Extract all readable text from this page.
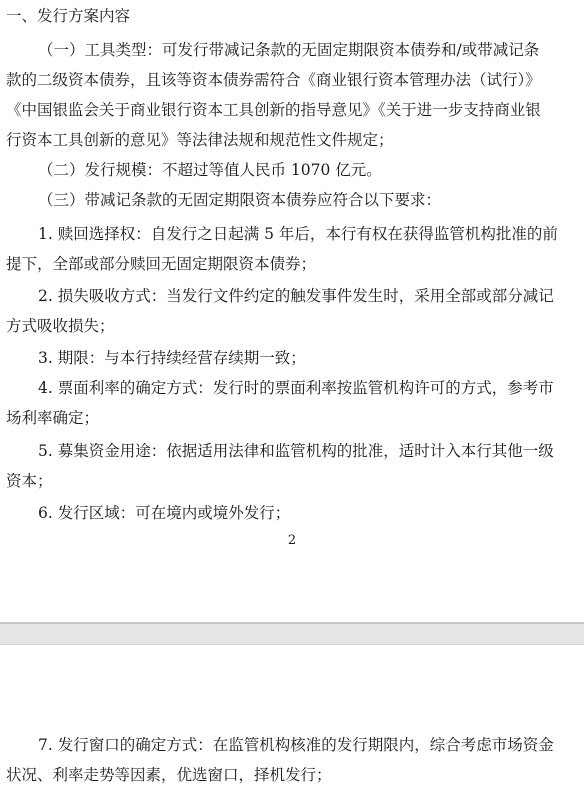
一、发行方案内容

（一）工具类型：可发行带减记条款的无固定期限资本债券和/或带减记条

款的二级资本债券，且该等资本债券需符合《商业银行资本管理办法（试行）》

《中国银监会关于商业银行资本工具创新的指导意见》《关于进一步支持商业银

行资本工具创新的意见》等法律法规和规范性文件规定；

（二）发行规模：不超过等值人民币 1070 亿元。

（三）带减记条款的无固定期限资本债券应符合以下要求：

1. 赎回选择权：自发行之日起满 5 年后，本行有权在获得监管机构批准的前

提下，全部或部分赎回无固定期限资本债券；

2. 损失吸收方式：当发行文件约定的触发事件发生时，采用全部或部分减记

方式吸收损失；

3. 期限：与本行持续经营存续期一致；

4. 票面利率的确定方式：发行时的票面利率按监管机构许可的方式，参考市

场利率确定；

5. 募集资金用途：依据适用法律和监管机构的批准，适时计入本行其他一级

资本；

6. 发行区域：可在境内或境外发行；

2

7. 发行窗口的确定方式：在监管机构核准的发行期限内，综合考虑市场资金

状况、利率走势等因素，优选窗口，择机发行；
